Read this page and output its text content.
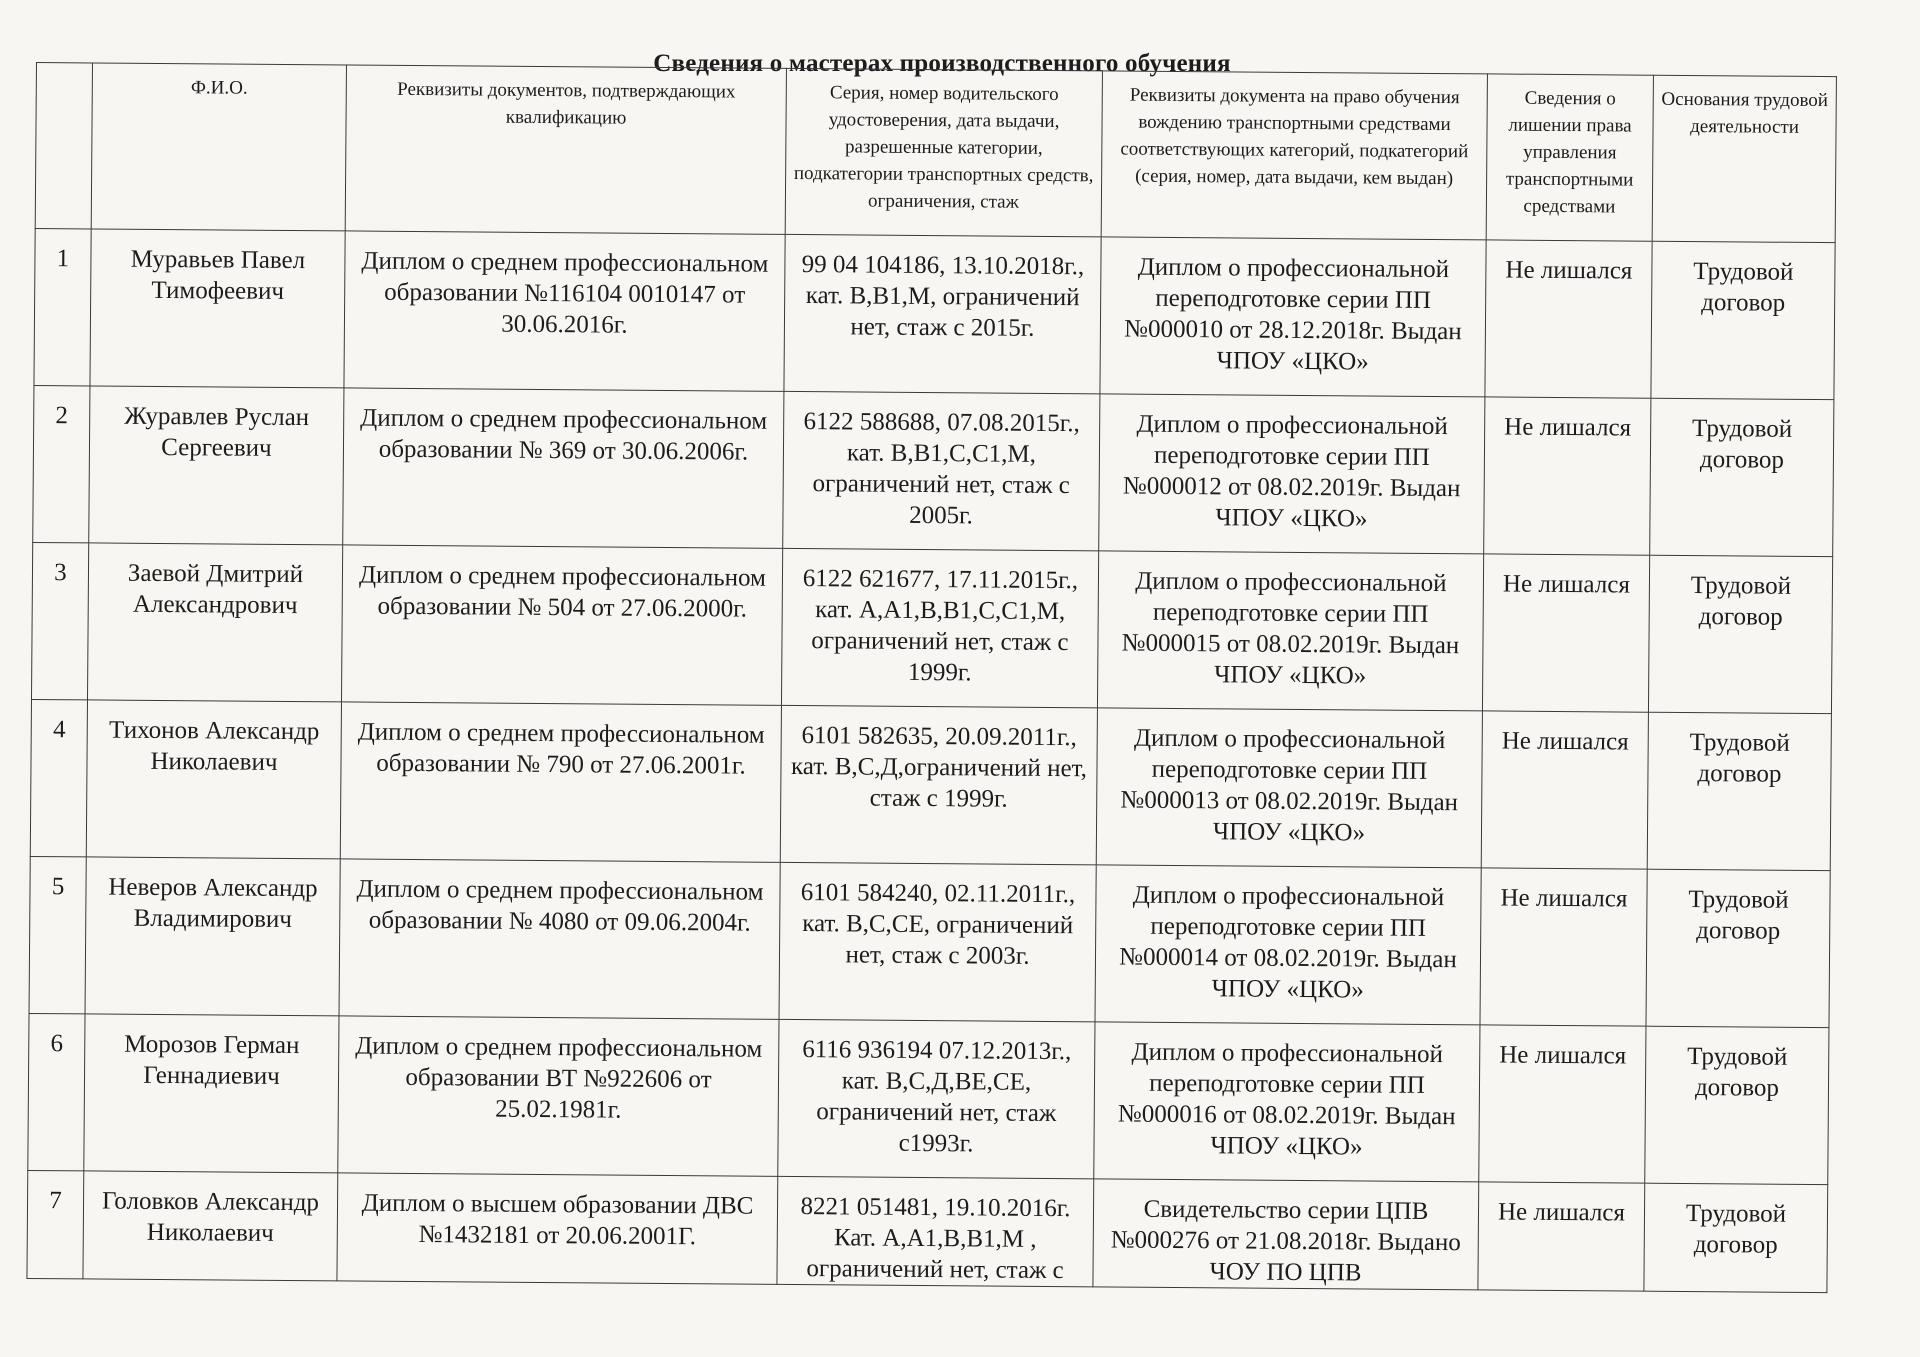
Сведения о мастерах производственного обучения
	Ф.И.О.	Реквизиты документов, подтверждающих квалификацию	Серия, номер водительского удостоверения, дата выдачи, разрешенные категории, подкатегории транспортных средств, ограничения, стаж	Реквизиты документа на право обучения вождению транспортными средствами соответствующих категорий, подкатегорий (серия, номер, дата выдачи, кем выдан)	Сведения о лишении права управления транспортными средствами	Основания трудовой деятельности
1	Муравьев Павел Тимофеевич	Диплом о среднем профессиональном образовании №116104 0010147 от 30.06.2016г.	99 04 104186, 13.10.2018г., кат. В,В1,М, ограничений нет, стаж с 2015г.	Диплом о профессиональной переподготовке серии ПП №000010 от 28.12.2018г. Выдан ЧПОУ «ЦКО»	Не лишался	Трудовой договор
2	Журавлев Руслан Сергеевич	Диплом о среднем профессиональном образовании № 369 от 30.06.2006г.	6122 588688, 07.08.2015г., кат. В,В1,С,С1,М, ограничений нет, стаж с 2005г.	Диплом о профессиональной переподготовке серии ПП №000012 от 08.02.2019г. Выдан ЧПОУ «ЦКО»	Не лишался	Трудовой договор
3	Заевой Дмитрий Александрович	Диплом о среднем профессиональном образовании № 504 от 27.06.2000г.	6122 621677, 17.11.2015г., кат. А,А1,В,В1,С,С1,М, ограничений нет, стаж с 1999г.	Диплом о профессиональной переподготовке серии ПП №000015 от 08.02.2019г. Выдан ЧПОУ «ЦКО»	Не лишался	Трудовой договор
4	Тихонов Александр Николаевич	Диплом о среднем профессиональном образовании № 790 от 27.06.2001г.	6101 582635, 20.09.2011г., кат. В,С,Д,ограничений нет, стаж с 1999г.	Диплом о профессиональной переподготовке серии ПП №000013 от 08.02.2019г. Выдан ЧПОУ «ЦКО»	Не лишался	Трудовой договор
5	Неверов Александр Владимирович	Диплом о среднем профессиональном образовании № 4080 от 09.06.2004г.	6101 584240, 02.11.2011г., кат. В,С,СЕ, ограничений нет, стаж с 2003г.	Диплом о профессиональной переподготовке серии ПП №000014 от 08.02.2019г. Выдан ЧПОУ «ЦКО»	Не лишался	Трудовой договор
6	Морозов Герман Геннадиевич	Диплом о среднем профессиональном образовании ВТ №922606 от 25.02.1981г.	6116 936194 07.12.2013г., кат. В,С,Д,ВЕ,СЕ, ограничений нет, стаж с1993г.	Диплом о профессиональной переподготовке серии ПП №000016 от 08.02.2019г. Выдан ЧПОУ «ЦКО»	Не лишался	Трудовой договор
7	Головков Александр Николаевич	Диплом о высшем образовании ДВС №1432181 от 20.06.2001Г.	8221 051481, 19.10.2016г. Кат. А,А1,В,В1,М , ограничений нет, стаж с	Свидетельство серии ЦПВ №000276 от 21.08.2018г. Выдано ЧОУ ПО ЦПВ	Не лишался	Трудовой договор
